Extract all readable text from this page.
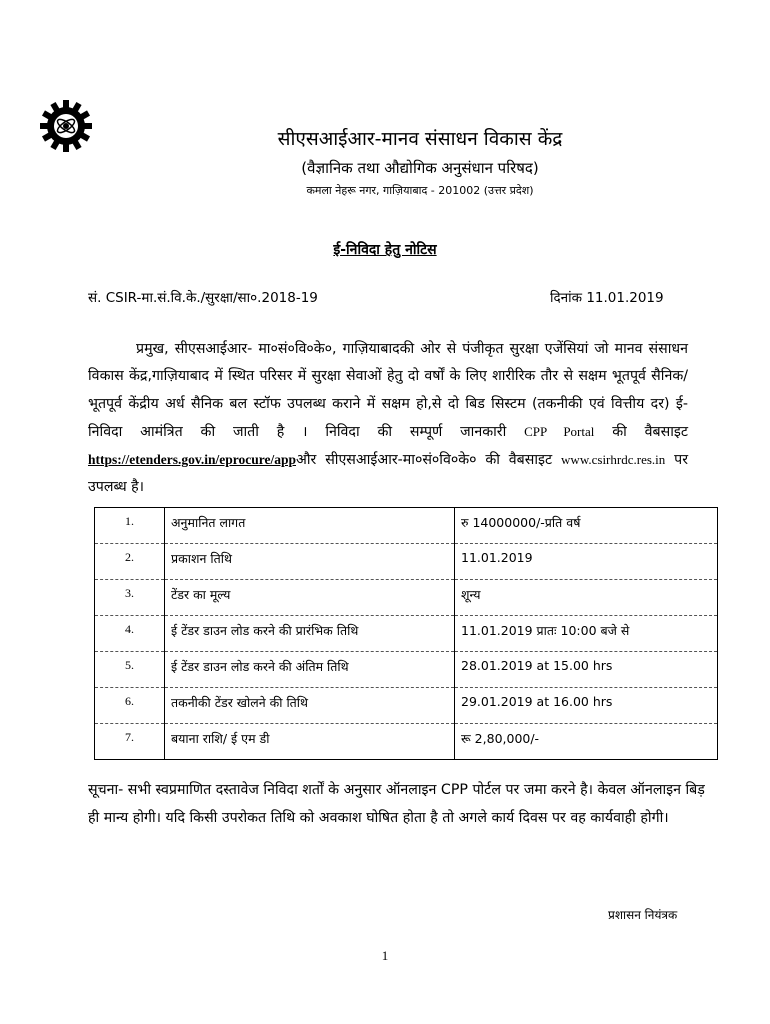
सीएसआईआर-मानव संसाधन विकास केंद्र
(वैज्ञानिक तथा औद्योगिक अनुसंधान परिषद)
कमला नेहरू नगर, गाज़ियाबाद - 201002 (उत्तर प्रदेश)
ई-निविदा हेतु नोटिस
सं. CSIR-मा.सं.वि.के./सुरक्षा/सा०.2018-19	दिनांक 11.01.2019
प्रमुख, सीएसआईआर- मा०सं०वि०के०, गाज़ियाबादकी ओर से पंजीकृत सुरक्षा एजेंसियां जो मानव संसाधन विकास केंद्र,गाज़ियाबाद में स्थित परिसर में सुरक्षा सेवाओं हेतु दो वर्षों के लिए शारीरिक तौर से सक्षम भूतपूर्व सैनिक/भूतपूर्व केंद्रीय अर्ध सैनिक बल स्टॉफ उपलब्ध कराने में सक्षम हो,से दो बिड सिस्टम (तकनीकी एवं वित्तीय दर) ई-निविदा आमंत्रित की जाती है । निविदा की सम्पूर्ण जानकारी CPP Portal की वैबसाइट https://etenders.gov.in/eprocure/appऔर सीएसआईआर-मा०सं०वि०के० की वैबसाइट www.csirhrdc.res.in पर उपलब्ध है।
1.	अनुमानित लागत	रु 14000000/-प्रति वर्ष
2.	प्रकाशन तिथि	11.01.2019
3.	टेंडर का मूल्य	शून्य
4.	ई टेंडर डाउन लोड करने की प्रारंभिक तिथि	11.01.2019 प्रातः 10:00 बजे से
5.	ई टेंडर डाउन लोड करने की अंतिम तिथि	28.01.2019 at 15.00 hrs
6.	तकनीकी टेंडर खोलने की तिथि	29.01.2019 at 16.00 hrs
7.	बयाना राशि/ ई एम डी	रू 2,80,000/-
सूचना- सभी स्वप्रमाणित दस्तावेज निविदा शर्तों के अनुसार ऑनलाइन CPP पोर्टल पर जमा करने है। केवल ऑनलाइन बिड़ ही मान्य होगी। यदि किसी उपरोकत तिथि को अवकाश घोषित होता है तो अगले कार्य दिवस पर वह कार्यवाही होगी।
प्रशासन नियंत्रक
1
